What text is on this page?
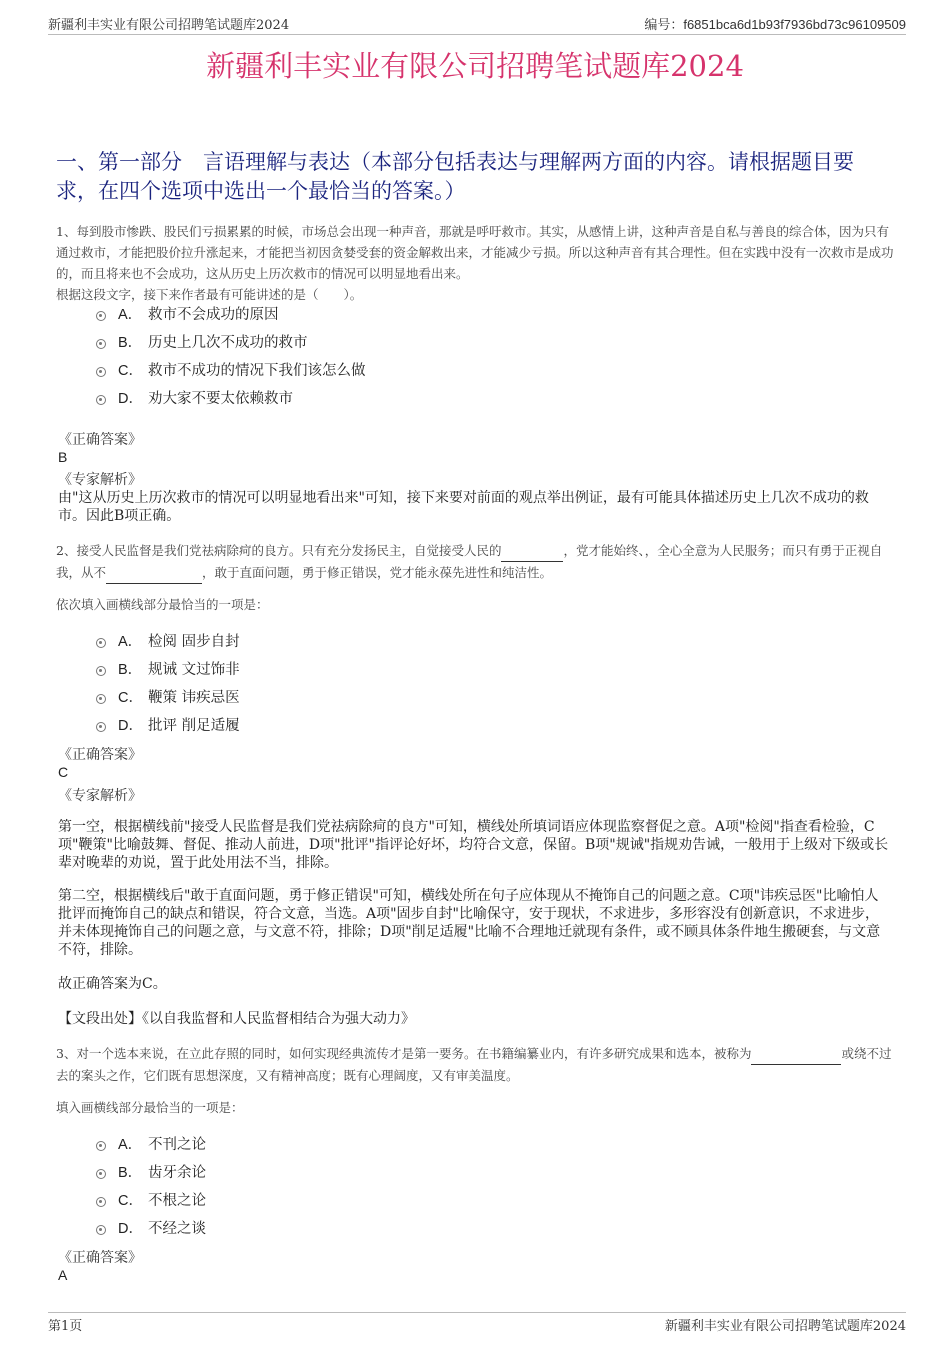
新疆利丰实业有限公司招聘笔试题库2024	编号：f6851bca6d1b93f7936bd73c96109509
新疆利丰实业有限公司招聘笔试题库2024
一、第一部分　言语理解与表达（本部分包括表达与理解两方面的内容。请根据题目要求，在四个选项中选出一个最恰当的答案。）
1、每到股市惨跌、股民们亏损累累的时候，市场总会出现一种声音，那就是呼吁救市。其实，从感情上讲，这种声音是自私与善良的综合体，因为只有通过救市，才能把股价拉升涨起来，才能把当初因贪婪受套的资金解救出来，才能减少亏损。所以这种声音有其合理性。但在实践中没有一次救市是成功的，而且将来也不会成功，这从历史上历次救市的情况可以明显地看出来。
根据这段文字，接下来作者最有可能讲述的是（　　）。
A． 救市不会成功的原因
B． 历史上几次不成功的救市
C． 救市不成功的情况下我们该怎么做
D． 劝大家不要太依赖救市
《正确答案》
B
《专家解析》
由"这从历史上历次救市的情况可以明显地看出来"可知，接下来要对前面的观点举出例证，最有可能具体描述历史上几次不成功的救市。因此B项正确。
2、接受人民监督是我们党祛病除疴的良方。只有充分发扬民主，自觉接受人民的	，党才能始终、，全心全意为人民服务；而只有勇于正视自我，从不	，敢于直面问题，勇于修正错误，党才能永葆先进性和纯洁性。
依次填入画横线部分最恰当的一项是：
A． 检阅 固步自封
B． 规诫 文过饰非
C． 鞭策 讳疾忌医
D． 批评 削足适履
《正确答案》
C
《专家解析》
第一空，根据横线前"接受人民监督是我们党祛病除疴的良方"可知，横线处所填词语应体现监察督促之意。A项"检阅"指查看检验，C项"鞭策"比喻鼓舞、督促、推动人前进，D项"批评"指评论好坏，均符合文意，保留。B项"规诫"指规劝告诫，一般用于上级对下级或长辈对晚辈的劝说，置于此处用法不当，排除。
第二空，根据横线后"敢于直面问题，勇于修正错误"可知，横线处所在句子应体现从不掩饰自己的问题之意。C项"讳疾忌医"比喻怕人批评而掩饰自己的缺点和错误，符合文意，当选。A项"固步自封"比喻保守，安于现状，不求进步，多形容没有创新意识，不求进步，并未体现掩饰自己的问题之意，与文意不符，排除；D项"削足适履"比喻不合理地迁就现有条件，或不顾具体条件地生搬硬套，与文意不符，排除。
故正确答案为C。
【文段出处】《以自我监督和人民监督相结合为强大动力》
3、对一个选本来说，在立此存照的同时，如何实现经典流传才是第一要务。在书籍编纂业内，有许多研究成果和选本，被称为	或绕不过去的案头之作，它们既有思想深度，又有精神高度；既有心理阔度，又有审美温度。
填入画横线部分最恰当的一项是：
A． 不刊之论
B． 齿牙余论
C． 不根之论
D． 不经之谈
《正确答案》
A
第1页	新疆利丰实业有限公司招聘笔试题库2024
